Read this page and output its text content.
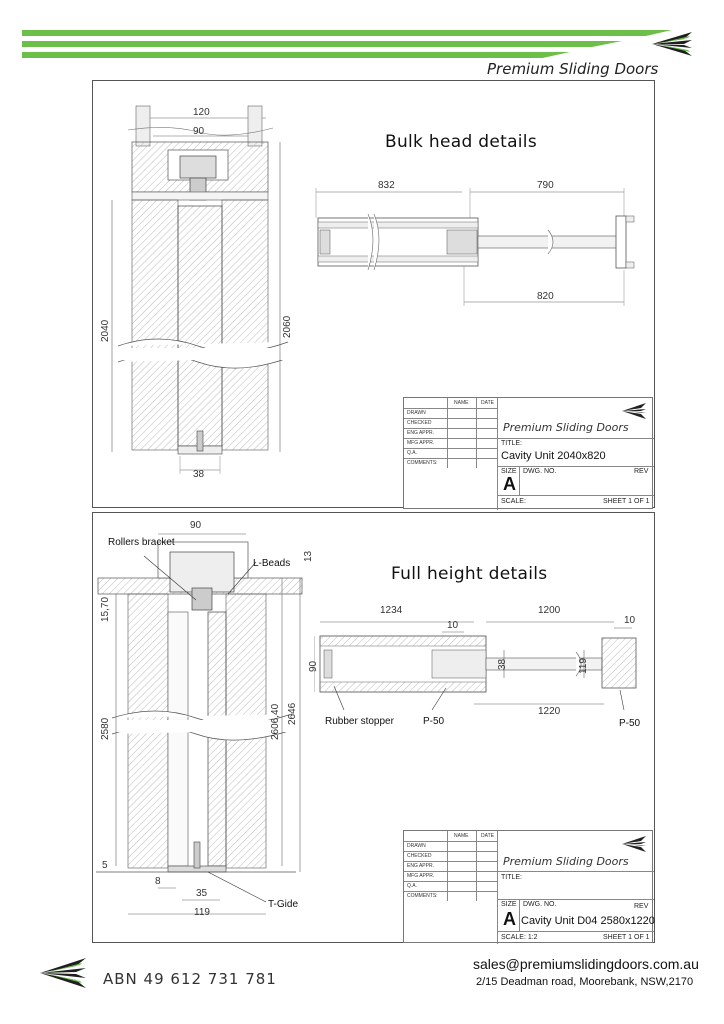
Premium Sliding Doors
Bulk head details
120
90
2040	2060
38
832	790
820
NAME	DATE
DRAWN
CHECKED
ENG APPR.
MFG APPR.
Q.A.
COMMENTS:
Premium Sliding Doors
TITLE:
Cavity Unit 2040x820
SIZE DWG. NO.	REV
A
SCALE:	SHEET 1 OF 1
Full height details
90
Rollers bracket
L-Beads
13
15,70
2580	2606,40 2646
5
8
35
119
T-Gide
1234	1200
10
10
90	38	119
1220
Rubber stopper	P-50	P-50
NAME	DATE
DRAWN
CHECKED
ENG APPR.
MFG APPR.
Q.A.
COMMENTS:
Premium Sliding Doors
TITLE:
SIZE DWG. NO.	REV
A Cavity Unit D04 2580x1220
SCALE: 1:2	SHEET 1 OF 1
ABN 49 612 731 781
sales@premiumslidingdoors.com.au
2/15 Deadman road, Moorebank, NSW,2170
